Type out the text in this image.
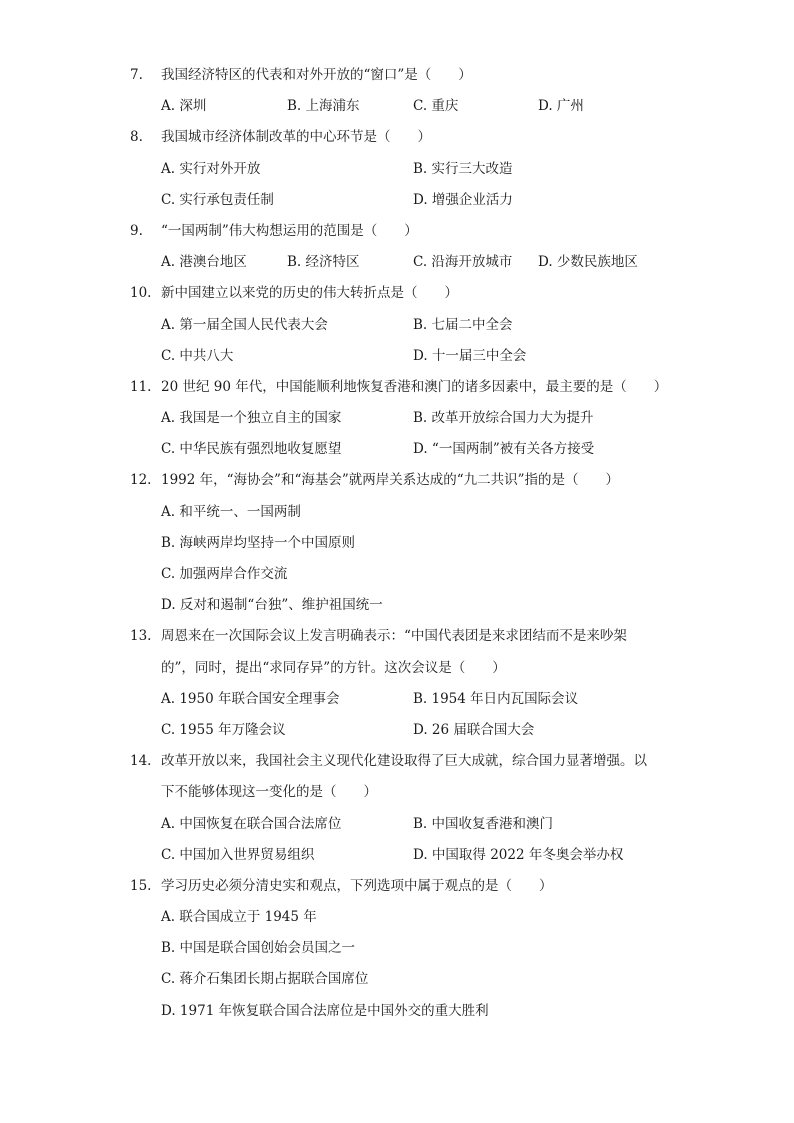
7.	我国经济特区的代表和对外开放的“窗口”是（　　）
A. 深圳	B. 上海浦东	C. 重庆	D. 广州
8.	我国城市经济体制改革的中心环节是（　　）
A. 实行对外开放	B. 实行三大改造
C. 实行承包责任制	D. 增强企业活力
9.	“一国两制”伟大构想运用的范围是（　　）
A. 港澳台地区	B. 经济特区	C. 沿海开放城市 D. 少数民族地区
10. 新中国建立以来党的历史的伟大转折点是（　　）
A. 第一届全国人民代表大会	B. 七届二中全会
C. 中共八大	D. 十一届三中全会
11. 20 世纪 90 年代，中国能顺利地恢复香港和澳门的诸多因素中，最主要的是（　　）
A. 我国是一个独立自主的国家	B. 改革开放综合国力大为提升
C. 中华民族有强烈地收复愿望	D. “一国两制”被有关各方接受
12. 1992 年，“海协会”和“海基会”就两岸关系达成的“九二共识”指的是（　　）
A. 和平统一、一国两制
B. 海峡两岸均坚持一个中国原则
C. 加强两岸合作交流
D. 反对和遏制“台独”、维护祖国统一
13. 周恩来在一次国际会议上发言明确表示：“中国代表团是来求团结而不是来吵架
的”，同时，提出“求同存异”的方针。这次会议是（　　）
A. 1950 年联合国安全理事会	B. 1954 年日内瓦国际会议
C. 1955 年万隆会议	D. 26 届联合国大会
14. 改革开放以来，我国社会主义现代化建设取得了巨大成就，综合国力显著增强。以
下不能够体现这一变化的是（　　）
A. 中国恢复在联合国合法席位	B. 中国收复香港和澳门
C. 中国加入世界贸易组织	D. 中国取得 2022 年冬奥会举办权
15. 学习历史必须分清史实和观点，下列选项中属于观点的是（　　）
A. 联合国成立于 1945 年
B. 中国是联合国创始会员国之一
C. 蒋介石集团长期占据联合国席位
D. 1971 年恢复联合国合法席位是中国外交的重大胜利
